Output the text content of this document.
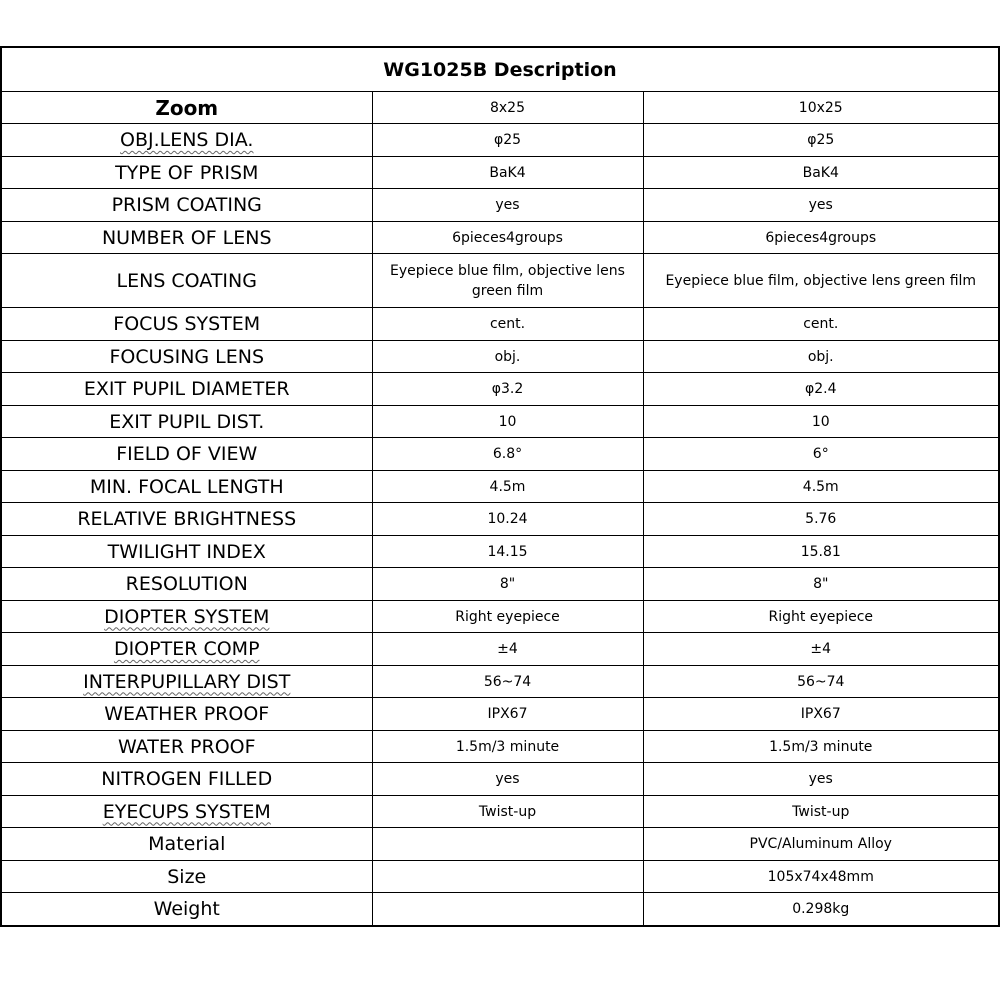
WG1025B Description		
Zoom	8x25	10x25
OBJ.LENS DIA.	φ25	φ25
TYPE OF PRISM	BaK4	BaK4
PRISM COATING	yes	yes
NUMBER OF LENS	6pieces4groups	6pieces4groups
LENS COATING	Eyepiece blue film, objective lens green film	Eyepiece blue film, objective lens green film
FOCUS SYSTEM	cent.	cent.
FOCUSING LENS	obj.	obj.
EXIT PUPIL DIAMETER	φ3.2	φ2.4
EXIT PUPIL DIST.	10	10
FIELD OF VIEW	6.8°	6°
MIN. FOCAL LENGTH	4.5m	4.5m
RELATIVE BRIGHTNESS	10.24	5.76
TWILIGHT INDEX	14.15	15.81
RESOLUTION	8"	8"
DIOPTER SYSTEM	Right eyepiece	Right eyepiece
DIOPTER COMP	±4	±4
INTERPUPILLARY DIST	56~74	56~74
WEATHER PROOF	IPX67	IPX67
WATER PROOF	1.5m/3 minute	1.5m/3 minute
NITROGEN FILLED	yes	yes
EYECUPS SYSTEM	Twist-up	Twist-up
Material		PVC/Aluminum Alloy
Size		105x74x48mm
Weight		0.298kg
